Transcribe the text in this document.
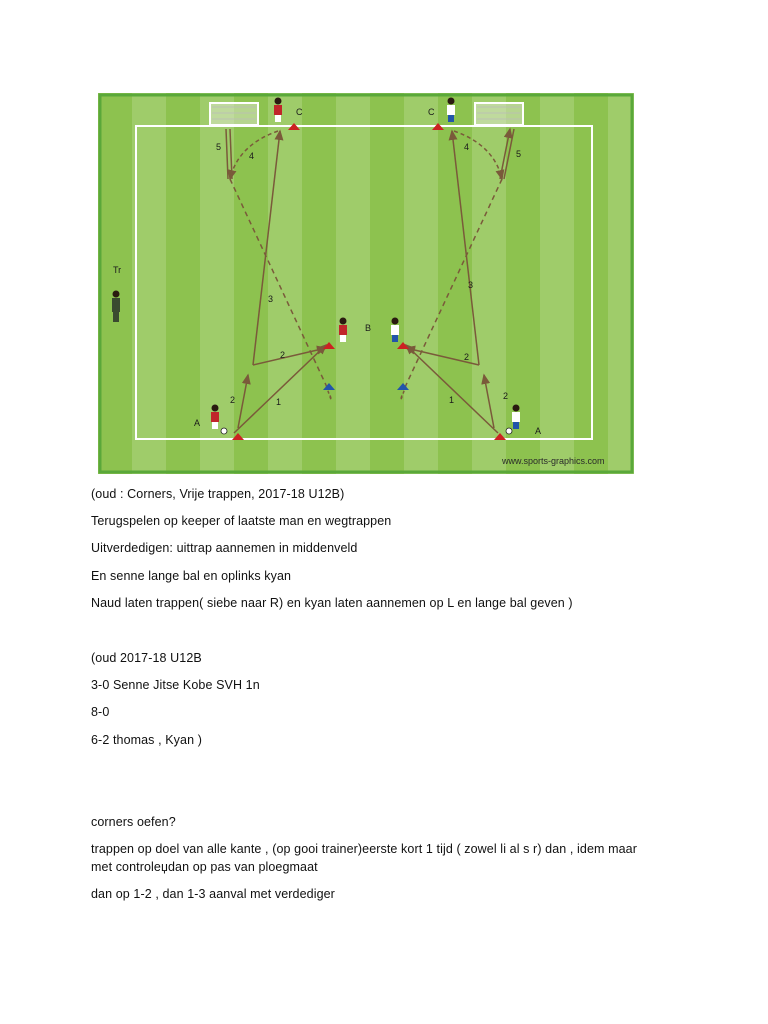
C	C
B
A
A
Tr
1
2
2
3
4
5
1	2
2
3
4
5
www.sports-graphics.com
(oud : Corners, Vrije trappen, 2017-18 U12B)
Terugspelen op keeper of laatste man en wegtrappen
Uitverdedigen: uittrap aannemen in middenveld
En senne lange bal en oplinks kyan
Naud laten trappen( siebe naar R) en kyan laten aannemen op L en lange bal geven )
(oud 2017-18 U12B
3-0 Senne Jitse Kobe SVH 1n
8-0
6-2 thomas , Kyan )
corners oefen?
trappen op doel van alle kante , (op gooi trainer)eerste kort 1 tijd ( zowel li al s r) dan , idem maar
met controleџdan op pas van ploegmaat
dan op 1-2 , dan 1-3 aanval met verdediger
